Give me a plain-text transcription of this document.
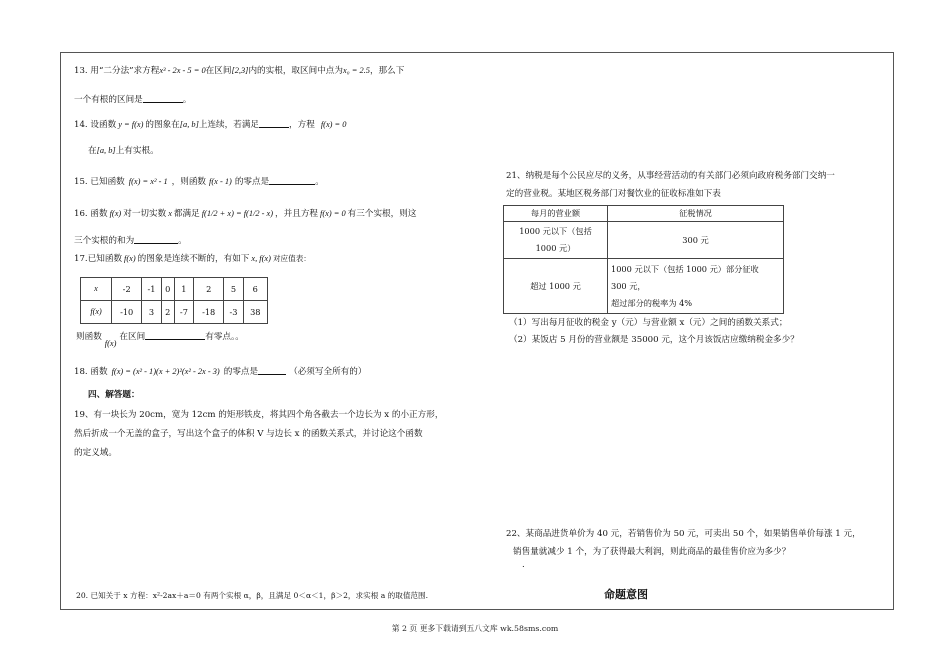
13. 用“二分法”求方程x³ - 2x - 5 = 0在区间[2,3]内的实根，取区间中点为x₀ = 2.5，那么下
一个有根的区间是	。
14. 设函数 y = f(x) 的图象在[a, b]上连续，若满足	，方程 f(x) = 0
在[a, b]上有实根。
15. 已知函数 f(x) = x² - 1 ，则函数 f(x - 1) 的零点是	。
16. 函数 f(x) 对一切实数 x 都满足 f(1/2 + x) = f(1/2 - x) ，并且方程 f(x) = 0 有三个实根，则这
三个实根的和为	。
17.已知函数 f(x) 的图象是连续不断的，有如下 x, f(x) 对应值表：
x	-2	-1	0	1	2	5	6
f(x)	-10	3	2	-7	-18	-3	38
则函数f(x)在区间	有零点。。
18. 函数 f(x) = (x² - 1)(x + 2)²(x² - 2x - 3) 的零点是	（必须写全所有的）
四、解答题：
19、有一块长为 20cm，宽为 12cm 的矩形铁皮，将其四个角各截去一个边长为 x 的小正方形，
然后折成一个无盖的盒子，写出这个盒子的体积 V 与边长 x 的函数关系式，并讨论这个函数
的定义域。
20. 已知关于 x 方程：x²-2ax＋a＝0 有两个实根 α，β，且满足 0＜α＜1，β＞2，求实根 a 的取值范围.
21、纳税是每个公民应尽的义务，从事经营活动的有关部门必须向政府税务部门交纳一
定的营业税。某地区税务部门对餐饮业的征收标准如下表
每月的营业额	征税情况

1000 元以下（包括
1000 元）	300 元
超过 1000 元	1000 元以下（包括 1000 元）部分征收
300 元，
超过部分的税率为 4%
（1）写出每月征收的税金 y（元）与营业额 x（元）之间的函数关系式；
（2）某饭店 5 月份的营业额是 35000 元，这个月该饭店应缴纳税金多少？
22、某商品进货单价为 40 元，若销售价为 50 元，可卖出 50 个，如果销售单价每涨 1 元，
销售量就减少 1 个，为了获得最大利润，则此商品的最佳售价应为多少？
.
命题意图
第 2 页 更多下载请到五八文库 wk.58sms.com
